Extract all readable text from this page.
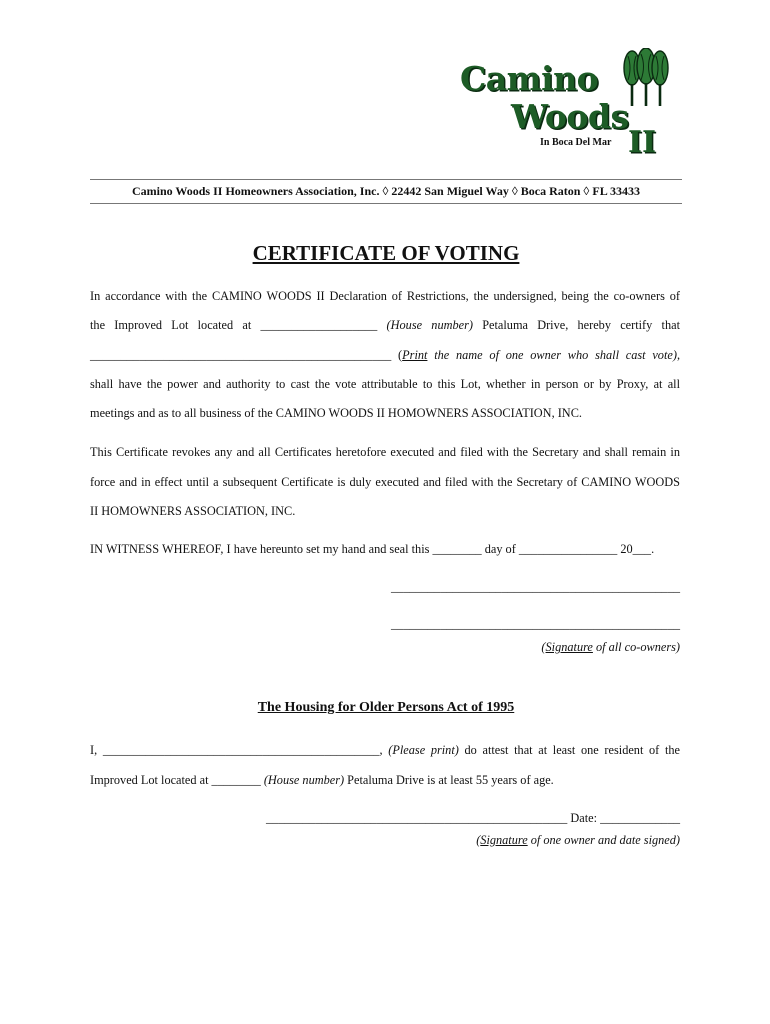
Camino
Woods
In Boca Del Mar II
Camino Woods II Homeowners Association, Inc. ◊ 22442 San Miguel Way ◊ Boca Raton ◊ FL 33433
CERTIFICATE OF VOTING
In accordance with the CAMINO WOODS II Declaration of Restrictions, the undersigned, being the co-owners of
the Improved Lot located at ___________________ (House number) Petaluma Drive, hereby certify that
_________________________________________________ (Print the name of one owner who shall cast vote),
shall have the power and authority to cast the vote attributable to this Lot, whether in person or by Proxy, at all
meetings and as to all business of the CAMINO WOODS II HOMOWNERS ASSOCIATION, INC.
This Certificate revokes any and all Certificates heretofore executed and filed with the Secretary and shall remain in
force and in effect until a subsequent Certificate is duly executed and filed with the Secretary of CAMINO WOODS
II HOMOWNERS ASSOCIATION, INC.
IN WITNESS WHEREOF, I have hereunto set my hand and seal this ________ day of ________________ 20___.
_______________________________________________
_______________________________________________
(Signature of all co-owners)
The Housing for Older Persons Act of 1995
I, _____________________________________________, (Please print) do attest that at least one resident of the
Improved Lot located at ________ (House number) Petaluma Drive is at least 55 years of age.
_________________________________________________ Date: _____________
(Signature of one owner and date signed)
